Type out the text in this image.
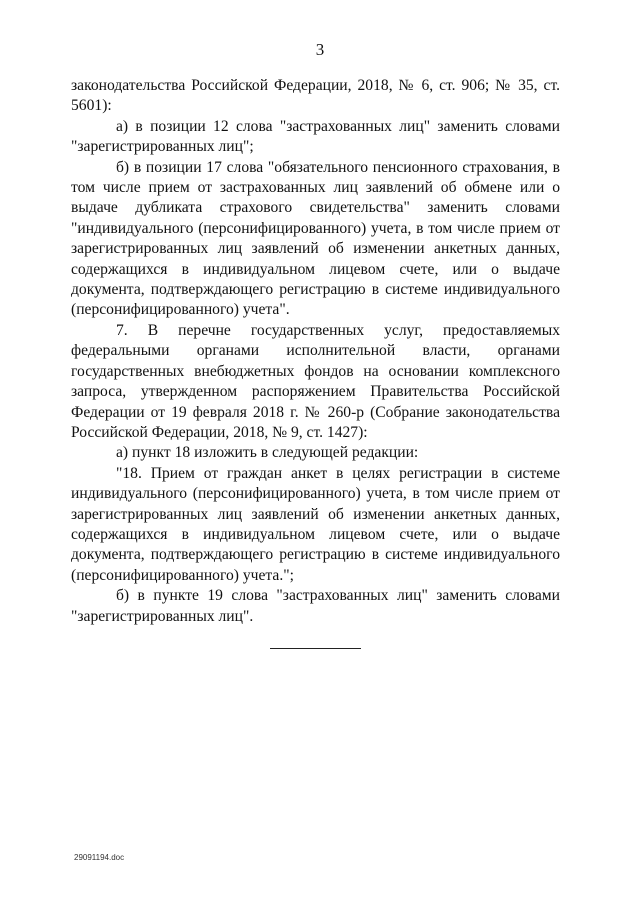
3

законодательства Российской Федерации, 2018, № 6, ст. 906; № 35, ст. 5601):

а) в позиции 12 слова "застрахованных лиц" заменить словами "зарегистрированных лиц";

б) в позиции 17 слова "обязательного пенсионного страхования, в том числе прием от застрахованных лиц заявлений об обмене или о выдаче дубликата страхового свидетельства" заменить словами "индивидуального (персонифицированного) учета, в том числе прием от зарегистрированных лиц заявлений об изменении анкетных данных, содержащихся в индивидуальном лицевом счете, или о выдаче документа, подтверждающего регистрацию в системе индивидуального (персонифицированного) учета".

7. В перечне государственных услуг, предоставляемых федеральными органами исполнительной власти, органами государственных внебюджетных фондов на основании комплексного запроса, утвержденном распоряжением Правительства Российской Федерации от 19 февраля 2018 г. № 260-р (Собрание законодательства Российской Федерации, 2018, № 9, ст. 1427):

а) пункт 18 изложить в следующей редакции:

"18. Прием от граждан анкет в целях регистрации в системе индивидуального (персонифицированного) учета, в том числе прием от зарегистрированных лиц заявлений об изменении анкетных данных, содержащихся в индивидуальном лицевом счете, или о выдаче документа, подтверждающего регистрацию в системе индивидуального (персонифицированного) учета.";

б) в пункте 19 слова "застрахованных лиц" заменить словами "зарегистрированных лиц".

29091194.doc
